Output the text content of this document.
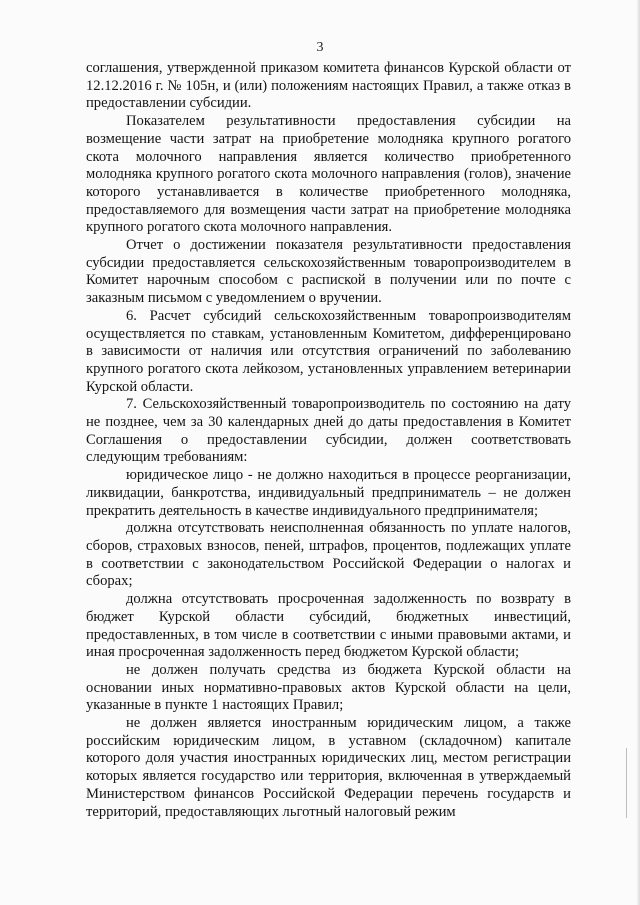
3

соглашения, утвержденной приказом комитета финансов Курской области от 12.12.2016 г. № 105н, и (или) положениям настоящих Правил, а также отказ в предоставлении субсидии.

Показателем результативности предоставления субсидии на возмещение части затрат на приобретение молодняка крупного рогатого скота молочного направления является количество приобретенного молодняка крупного рогатого скота молочного направления (голов), значение которого устанавливается в количестве приобретенного молодняка, предоставляемого для возмещения части затрат на приобретение молодняка крупного рогатого скота молочного направления.

Отчет о достижении показателя результативности предоставления субсидии предоставляется сельскохозяйственным товаропроизводителем в Комитет нарочным способом с распиской в получении или по почте с заказным письмом с уведомлением о вручении.

6. Расчет субсидий сельскохозяйственным товаропроизводителям осуществляется по ставкам, установленным Комитетом, дифференцировано в зависимости от наличия или отсутствия ограничений по заболеванию крупного рогатого скота лейкозом, установленных управлением ветеринарии Курской области.

7. Сельскохозяйственный товаропроизводитель по состоянию на дату не позднее, чем за 30 календарных дней до даты предоставления в Комитет Соглашения о предоставлении субсидии, должен соответствовать следующим требованиям:

юридическое лицо - не должно находиться в процессе реорганизации, ликвидации, банкротства, индивидуальный предприниматель – не должен прекратить деятельность в качестве индивидуального предпринимателя;

должна отсутствовать неисполненная обязанность по уплате налогов, сборов, страховых взносов, пеней, штрафов, процентов, подлежащих уплате в соответствии с законодательством Российской Федерации о налогах и сборах;

должна отсутствовать просроченная задолженность по возврату в бюджет Курской области субсидий, бюджетных инвестиций, предоставленных, в том числе в соответствии с иными правовыми актами, и иная просроченная задолженность перед бюджетом Курской области;

не должен получать средства из бюджета Курской области на основании иных нормативно-правовых актов Курской области на цели, указанные в пункте 1 настоящих Правил;

не должен является иностранным юридическим лицом, а также российским юридическим лицом, в уставном (складочном) капитале которого доля участия иностранных юридических лиц, местом регистрации которых является государство или территория, включенная в утверждаемый Министерством финансов Российской Федерации перечень государств и территорий, предоставляющих льготный налоговый режим
